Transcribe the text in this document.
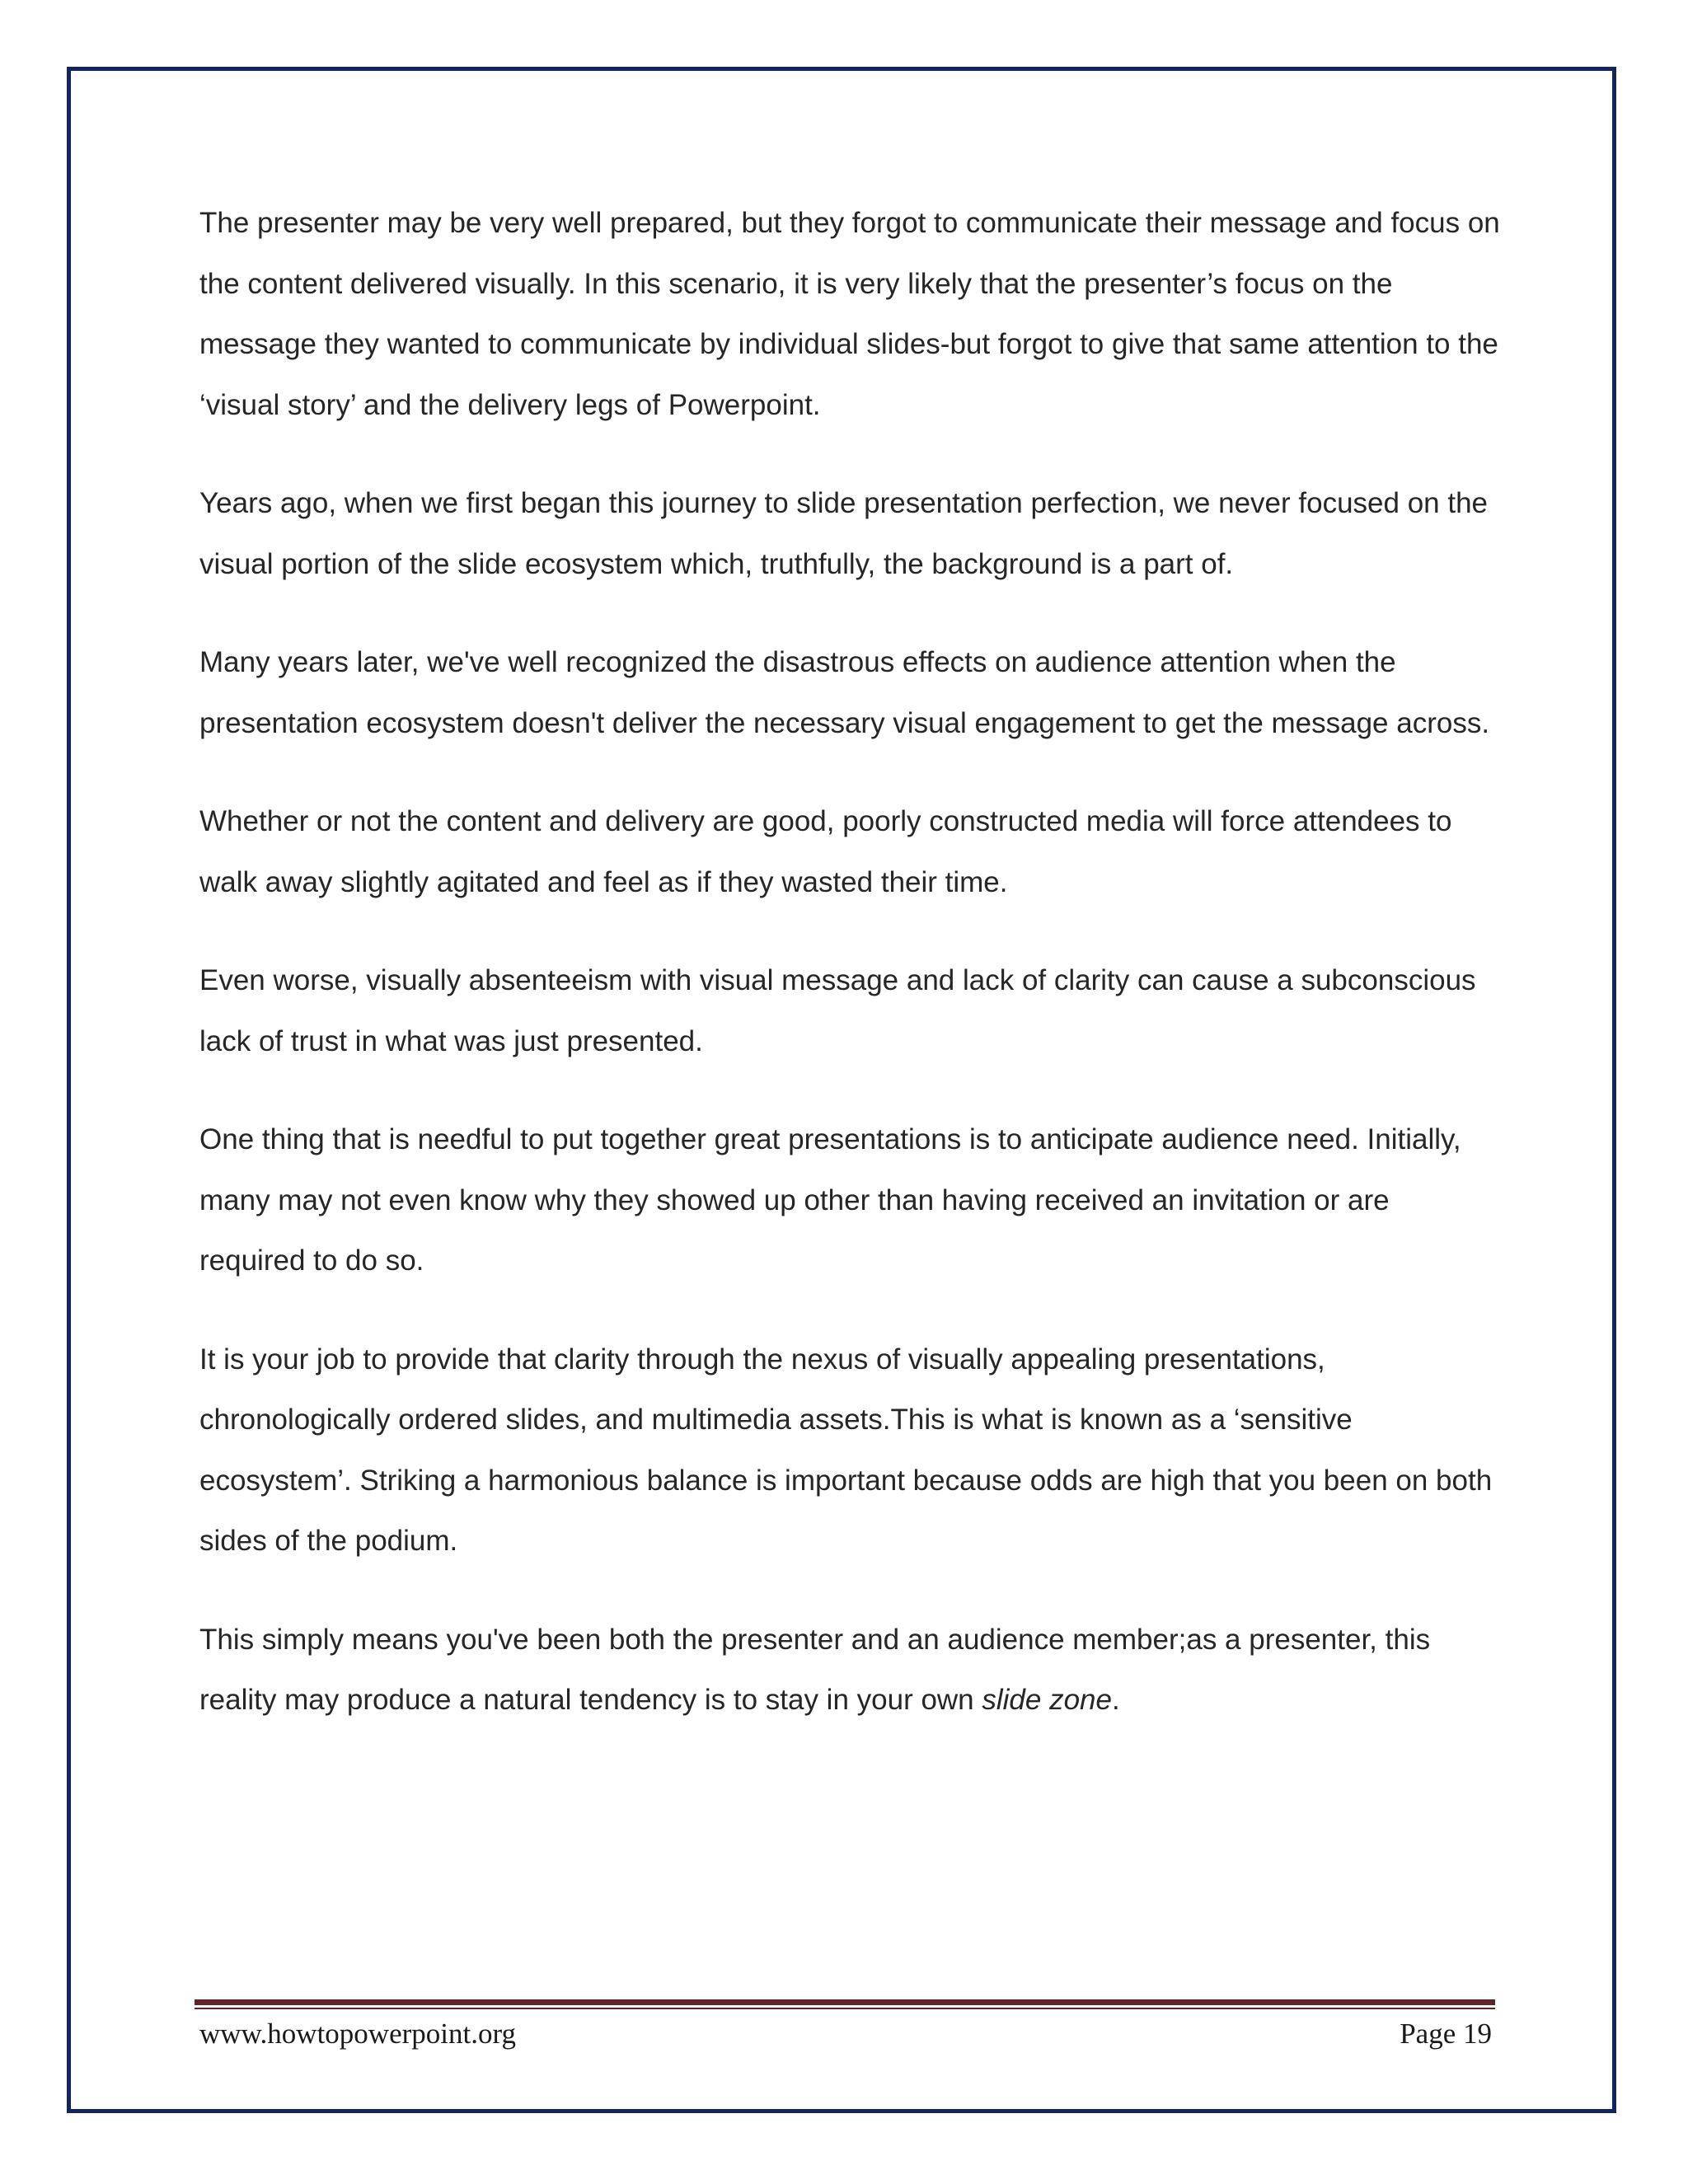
The presenter may be very well prepared, but they forgot to communicate their message and focus on the content delivered visually. In this scenario, it is very likely that the presenter’s focus on the message they wanted to communicate by individual slides-but forgot to give that same attention to the ‘visual story’ and the delivery legs of Powerpoint.

Years ago, when we first began this journey to slide presentation perfection, we never focused on the visual portion of the slide ecosystem which, truthfully, the background is a part of.

Many years later, we've well recognized the disastrous effects on audience attention when the presentation ecosystem doesn't deliver the necessary visual engagement to get the message across.

Whether or not the content and delivery are good, poorly constructed media will force attendees to walk away slightly agitated and feel as if they wasted their time.

Even worse, visually absenteeism with visual message and lack of clarity can cause a subconscious lack of trust in what was just presented.

One thing that is needful to put together great presentations is to anticipate audience need. Initially, many may not even know why they showed up other than having received an invitation or are required to do so.

It is your job to provide that clarity through the nexus of visually appealing presentations, chronologically ordered slides, and multimedia assets.This is what is known as a ‘sensitive ecosystem’. Striking a harmonious balance is important because odds are high that you been on both sides of the podium.

This simply means you've been both the presenter and an audience member;as a presenter, this reality may produce a natural tendency is to stay in your own slide zone.

www.howtopowerpoint.org	Page 19
